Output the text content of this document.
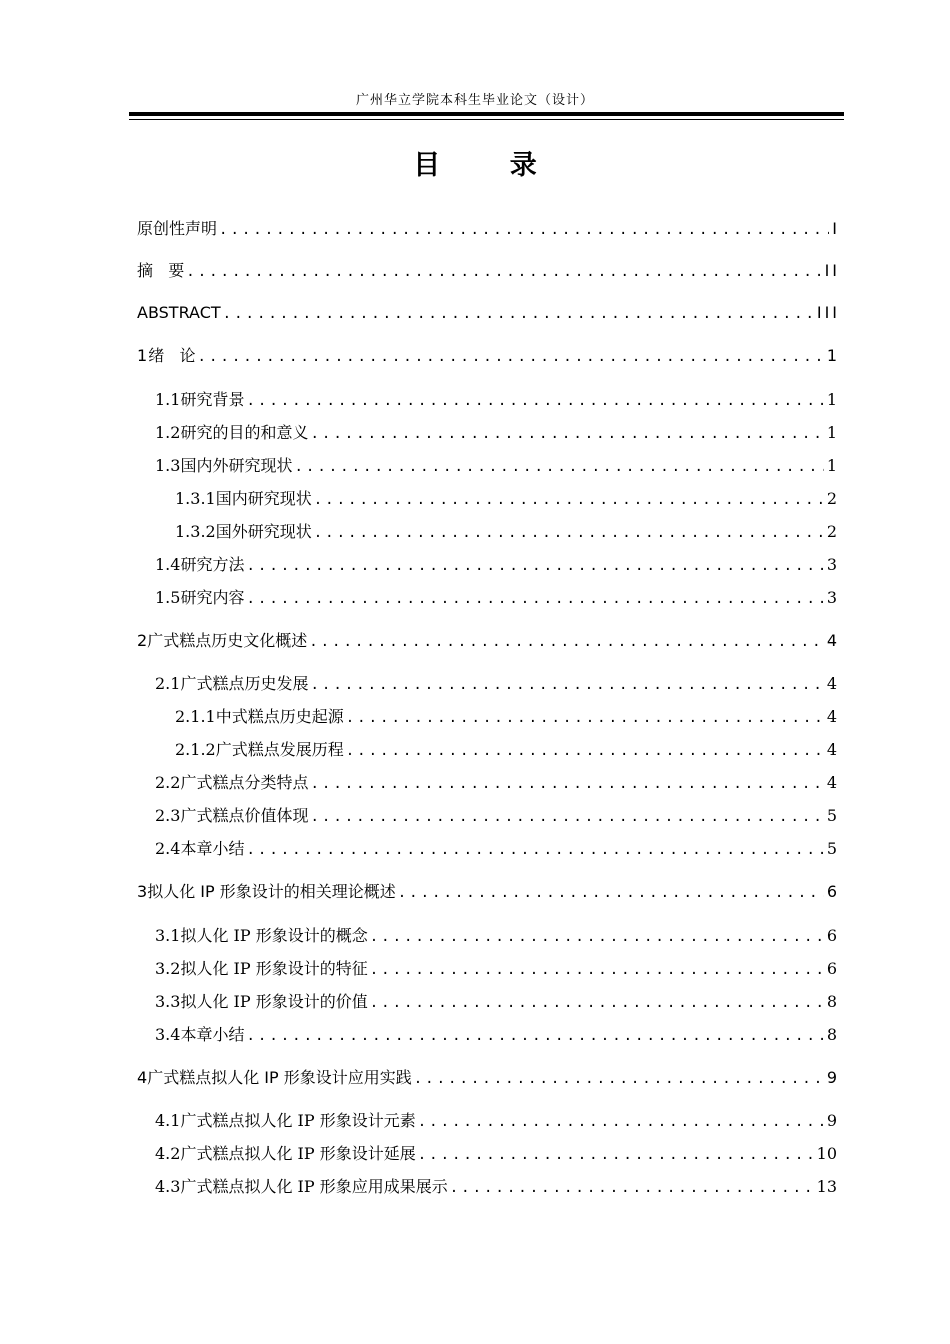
广州华立学院本科生毕业论文（设计）
目 录
原创性声明 .....	I
摘   要 .....	II
ABSTRACT .....	III
1 绪   论 .....	1
1.1 研究背景 .....	1
1.2 研究的目的和意义 .....	1
1.3 国内外研究现状 .....	1
1.3.1 国内研究现状 .....	2
1.3.2 国外研究现状 .....	2
1.4 研究方法 .....	3
1.5 研究内容 .....	3
2 广式糕点历史文化概述 .....	4
2.1 广式糕点历史发展 .....	4
2.1.1 中式糕点历史起源 .....	4
2.1.2 广式糕点发展历程 .....	4
2.2 广式糕点分类特点 .....	4
2.3 广式糕点价值体现 .....	5
2.4 本章小结 .....	5
3 拟人化 IP 形象设计的相关理论概述 .....	6
3.1 拟人化 IP 形象设计的概念 .....	6
3.2 拟人化 IP 形象设计的特征 .....	6
3.3 拟人化 IP 形象设计的价值 .....	8
3.4 本章小结 .....	8
4 广式糕点拟人化 IP 形象设计应用实践 .....	9
4.1 广式糕点拟人化 IP 形象设计元素 .....	9
4.2 广式糕点拟人化 IP 形象设计延展 .....	10
4.3 广式糕点拟人化 IP 形象应用成果展示 .....	13
